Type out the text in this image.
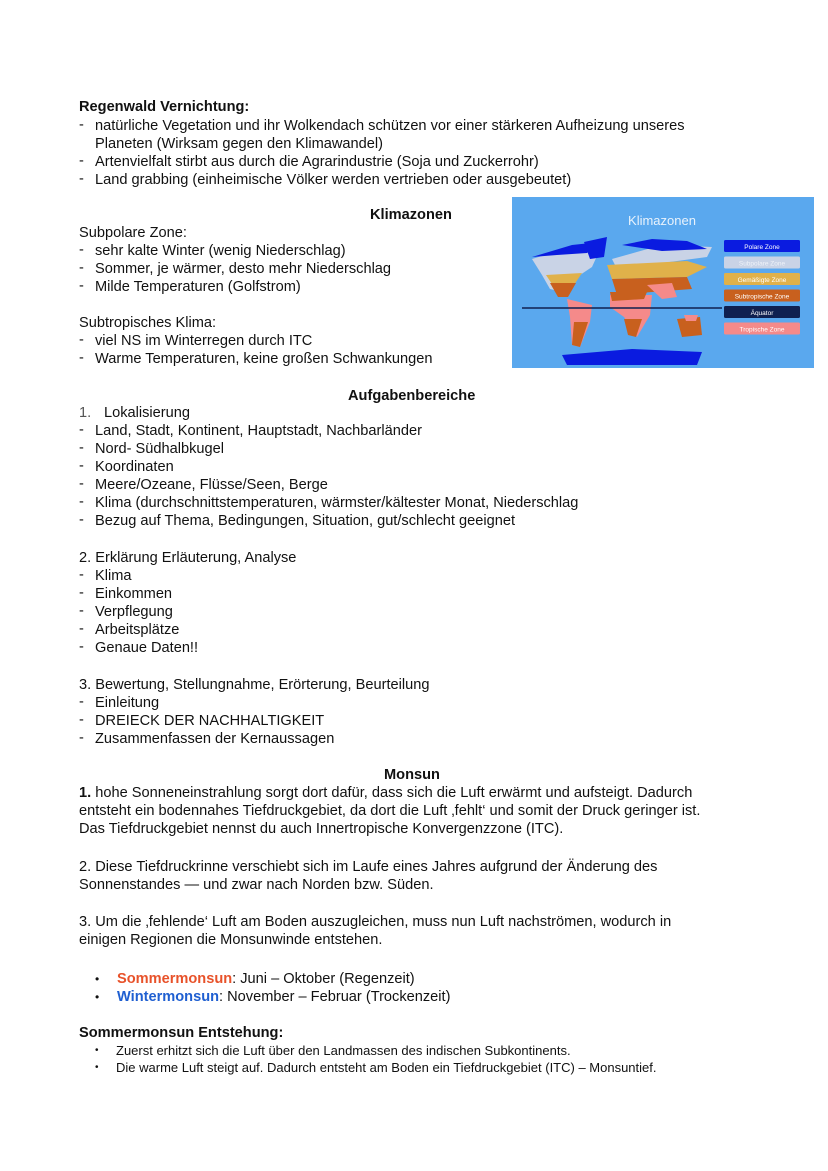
Regenwald Vernichtung:
- natürliche Vegetation und ihr Wolkendach schützen vor einer stärkeren Aufheizung unseres
Planeten (Wirksam gegen den Klimawandel)
- Artenvielfalt stirbt aus durch die Agrarindustrie (Soja und Zuckerrohr)
- Land grabbing (einheimische Völker werden vertrieben oder ausgebeutet)
Klimazonen
Subpolare Zone:
- sehr kalte Winter (wenig Niederschlag)
- Sommer, je wärmer, desto mehr Niederschlag
- Milde Temperaturen (Golfstrom)
Subtropisches Klima:
- viel NS im Winterregen durch ITC
- Warme Temperaturen, keine großen Schwankungen
Klimazonen
Polare Zone
Subpolare Zone
Gemäßigte Zone
Subtropische Zone
Äquator
Tropische Zone
Aufgabenbereiche
1. Lokalisierung
- Land, Stadt, Kontinent, Hauptstadt, Nachbarländer
- Nord- Südhalbkugel
- Koordinaten
- Meere/Ozeane, Flüsse/Seen, Berge
- Klima (durchschnittstemperaturen, wärmster/kältester Monat, Niederschlag
- Bezug auf Thema, Bedingungen, Situation, gut/schlecht geeignet
2. Erklärung Erläuterung, Analyse
- Klima
- Einkommen
- Verpflegung
- Arbeitsplätze
- Genaue Daten!!
3. Bewertung, Stellungnahme, Erörterung, Beurteilung
- Einleitung
- DREIECK DER NACHHALTIGKEIT
- Zusammenfassen der Kernaussagen
Monsun
1. hohe Sonneneinstrahlung sorgt dort dafür, dass sich die Luft erwärmt und aufsteigt. Dadurch
entsteht ein bodennahes Tiefdruckgebiet, da dort die Luft ‚fehlt‘ und somit der Druck geringer ist.
Das Tiefdruckgebiet nennst du auch Innertropische Konvergenzzone (ITC).
2. Diese Tiefdruckrinne verschiebt sich im Laufe eines Jahres aufgrund der Änderung des
Sonnenstandes — und zwar nach Norden bzw. Süden.
3. Um die ‚fehlende‘ Luft am Boden auszugleichen, muss nun Luft nachströmen, wodurch in
einigen Regionen die Monsunwinde entstehen.
• Sommermonsun: Juni – Oktober (Regenzeit)
• Wintermonsun: November – Februar (Trockenzeit)
Sommermonsun Entstehung:
• Zuerst erhitzt sich die Luft über den Landmassen des indischen Subkontinents.
• Die warme Luft steigt auf. Dadurch entsteht am Boden ein Tiefdruckgebiet (ITC) – Monsuntief.
